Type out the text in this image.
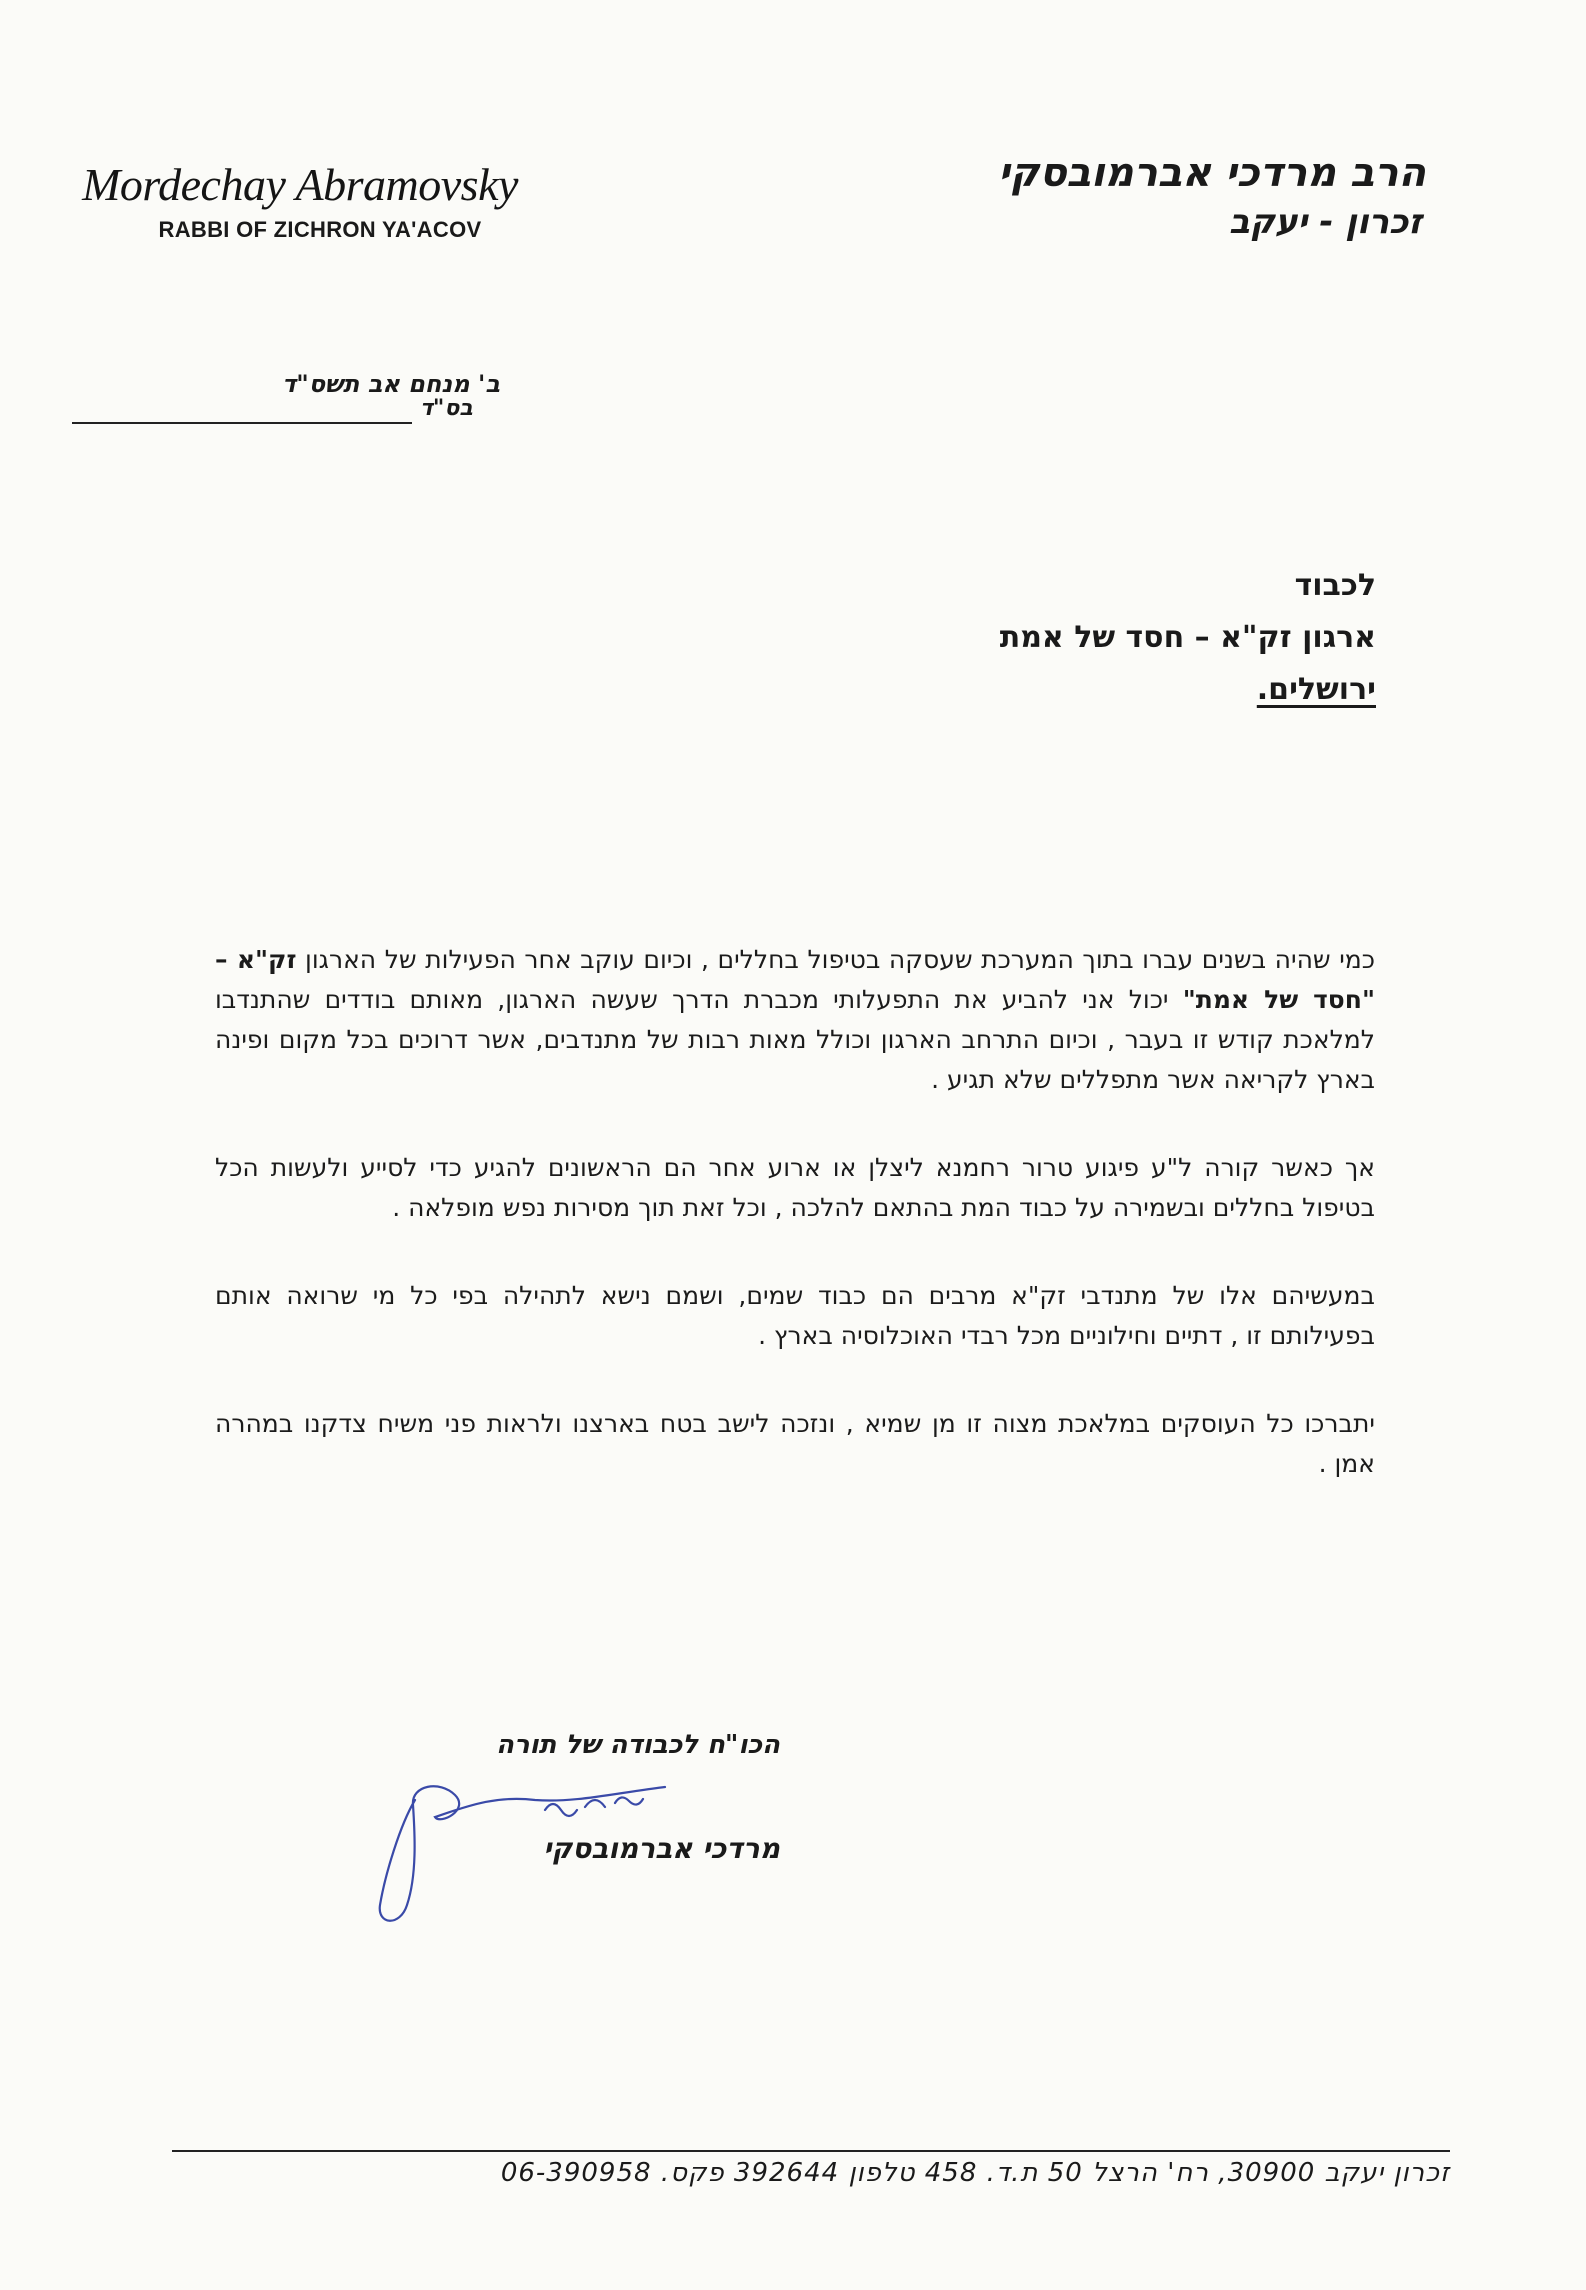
Mordechay Abramovsky
RABBI OF ZICHRON YA'ACOV
הרב מרדכי אברמובסקי
זכרון - יעקב
ב' מנחם אב תשס"ד
בס"ד
לכבוד
ארגון זק"א – חסד של אמת
ירושלים.

כמי שהיה בשנים עברו בתוך המערכת שעסקה בטיפול בחללים , וכיום עוקב אחר הפעילות של הארגון זק"א – "חסד של אמת" יכול אני להביע את התפעלותי מכברת הדרך שעשה הארגון, מאותם בודדים שהתנדבו למלאכת קודש זו בעבר , וכיום התרחב הארגון וכולל מאות רבות של מתנדבים, אשר דרוכים בכל מקום ופינה בארץ לקריאה אשר מתפללים שלא תגיע .

אך כאשר קורה ל"ע פיגוע טרור רחמנא ליצלן או ארוע אחר הם הראשונים להגיע כדי לסייע ולעשות הכל בטיפול בחללים ובשמירה על כבוד המת בהתאם להלכה , וכל זאת תוך מסירות נפש מופלאה .

במעשיהם אלו של מתנדבי זק"א מרבים הם כבוד שמים, ושמם נישא לתהילה בפי כל מי שרואה אותם בפעילותם זו , דתיים וחילוניים מכל רבדי האוכלוסיה בארץ .

יתברכו כל העוסקים במלאכת מצוה זו מן שמיא , ונזכה לישב בטח בארצנו ולראות פני משיח צדקנו במהרה אמן .

הכו"ח לכבודה של תורה
מרדכי אברמובסקי
זכרון יעקב 30900, רח' הרצל 50 ת.ד. 458 טלפון 392644 פקס. 06-390958
